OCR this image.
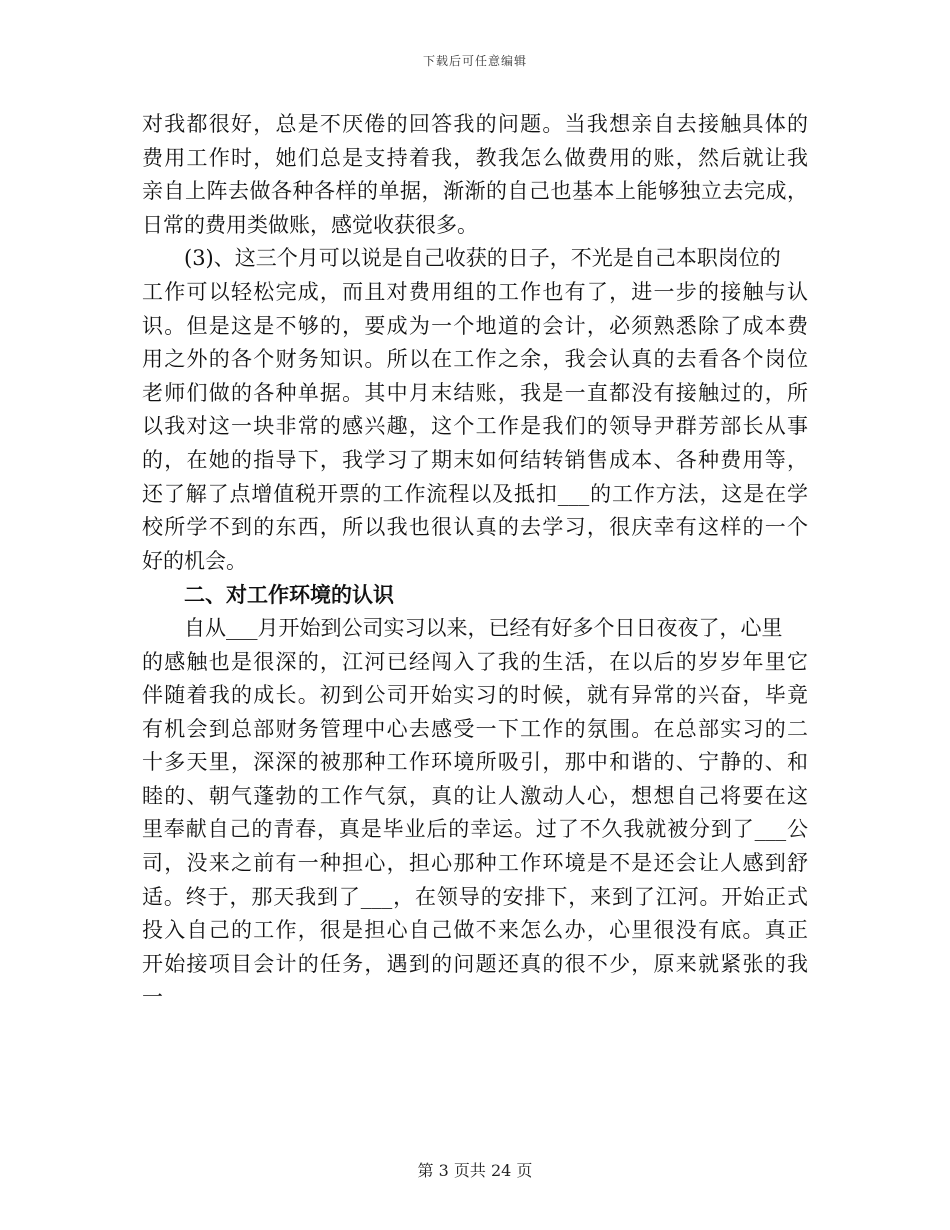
下载后可任意编辑
对我都很好，总是不厌倦的回答我的问题。当我想亲自去接触具体的
费用工作时，她们总是支持着我，教我怎么做费用的账，然后就让我
亲自上阵去做各种各样的单据，渐渐的自己也基本上能够独立去完成，
日常的费用类做账，感觉收获很多。
(3)、这三个月可以说是自己收获的日子，不光是自己本职岗位的
工作可以轻松完成，而且对费用组的工作也有了，进一步的接触与认
识。但是这是不够的，要成为一个地道的会计，必须熟悉除了成本费
用之外的各个财务知识。所以在工作之余，我会认真的去看各个岗位
老师们做的各种单据。其中月末结账，我是一直都没有接触过的，所
以我对这一块非常的感兴趣，这个工作是我们的领导尹群芳部长从事
的，在她的指导下，我学习了期末如何结转销售成本、各种费用等，
还了解了点增值税开票的工作流程以及抵扣___的工作方法，这是在学
校所学不到的东西，所以我也很认真的去学习，很庆幸有这样的一个
好的机会。
二、对工作环境的认识
自从___月开始到公司实习以来，已经有好多个日日夜夜了，心里
的感触也是很深的，江河已经闯入了我的生活，在以后的岁岁年里它
伴随着我的成长。初到公司开始实习的时候，就有异常的兴奋，毕竟
有机会到总部财务管理中心去感受一下工作的氛围。在总部实习的二
十多天里，深深的被那种工作环境所吸引，那中和谐的、宁静的、和
睦的、朝气蓬勃的工作气氛，真的让人激动人心，想想自己将要在这
里奉献自己的青春，真是毕业后的幸运。过了不久我就被分到了___公
司，没来之前有一种担心，担心那种工作环境是不是还会让人感到舒
适。终于，那天我到了___，在领导的安排下，来到了江河。开始正式
投入自己的工作，很是担心自己做不来怎么办，心里很没有底。真正
开始接项目会计的任务，遇到的问题还真的很不少，原来就紧张的我
一
第 3 页共 24 页
